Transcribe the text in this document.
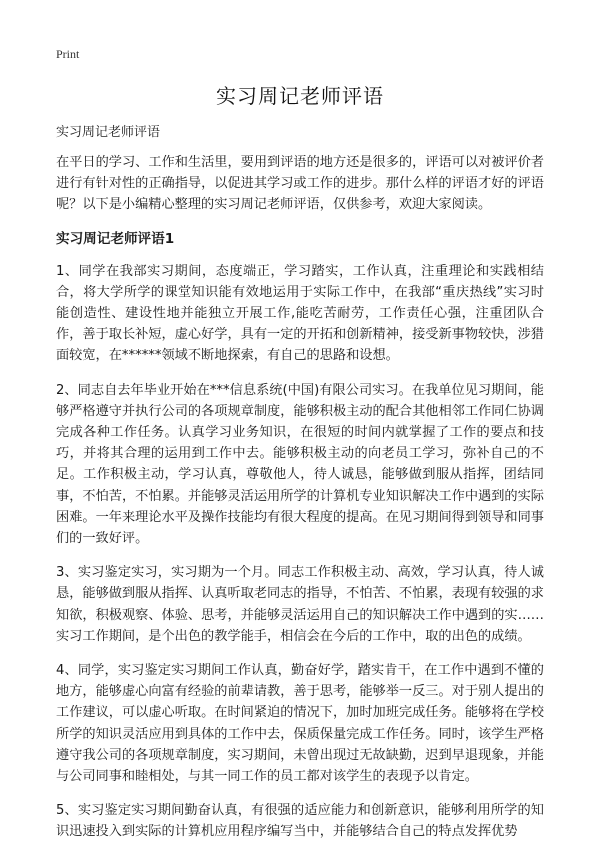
Print
实习周记老师评语
实习周记老师评语

在平日的学习、工作和生活里，要用到评语的地方还是很多的，评语可以对被评价者进行有针对性的正确指导，以促进其学习或工作的进步。那什么样的评语才好的评语呢？以下是小编精心整理的实习周记老师评语，仅供参考，欢迎大家阅读。

实习周记老师评语1

1、同学在我部实习期间，态度端正，学习踏实，工作认真，注重理论和实践相结合，将大学所学的课堂知识能有效地运用于实际工作中，在我部“重庆热线”实习时能创造性、建设性地并能独立开展工作,能吃苦耐劳，工作责任心强，注重团队合作，善于取长补短，虚心好学，具有一定的开拓和创新精神，接受新事物较快，涉猎面较宽，在******领域不断地探索，有自己的思路和设想。

2、同志自去年毕业开始在***信息系统(中国)有限公司实习。在我单位见习期间，能够严格遵守并执行公司的各项规章制度，能够积极主动的配合其他相邻工作同仁协调完成各种工作任务。认真学习业务知识，在很短的时间内就掌握了工作的要点和技巧，并将其合理的运用到工作中去。能够积极主动的向老员工学习，弥补自己的不足。工作积极主动，学习认真，尊敬他人，待人诚恳，能够做到服从指挥，团结同事，不怕苦，不怕累。并能够灵活运用所学的计算机专业知识解决工作中遇到的实际困难。一年来理论水平及操作技能均有很大程度的提高。在见习期间得到领导和同事们的一致好评。

3、实习鉴定实习，实习期为一个月。同志工作积极主动、高效，学习认真，待人诚恳，能够做到服从指挥、认真听取老同志的指导，不怕苦、不怕累，表现有较强的求知欲，积极观察、体验、思考，并能够灵活运用自己的知识解决工作中遇到的实……实习工作期间，是个出色的教学能手，相信会在今后的工作中，取的出色的成绩。

4、同学，实习鉴定实习期间工作认真，勤奋好学，踏实肯干，在工作中遇到不懂的地方，能够虚心向富有经验的前辈请教，善于思考，能够举一反三。对于别人提出的工作建议，可以虚心听取。在时间紧迫的情况下，加时加班完成任务。能够将在学校所学的知识灵活应用到具体的工作中去，保质保量完成工作任务。同时，该学生严格遵守我公司的各项规章制度，实习期间，未曾出现过无故缺勤，迟到早退现象，并能与公司同事和睦相处，与其一同工作的员工都对该学生的表现予以肯定。

5、实习鉴定实习期间勤奋认真，有很强的适应能力和创新意识，能够利用所学的知识迅速投入到实际的计算机应用程序编写当中，并能够结合自己的特点发挥优势
